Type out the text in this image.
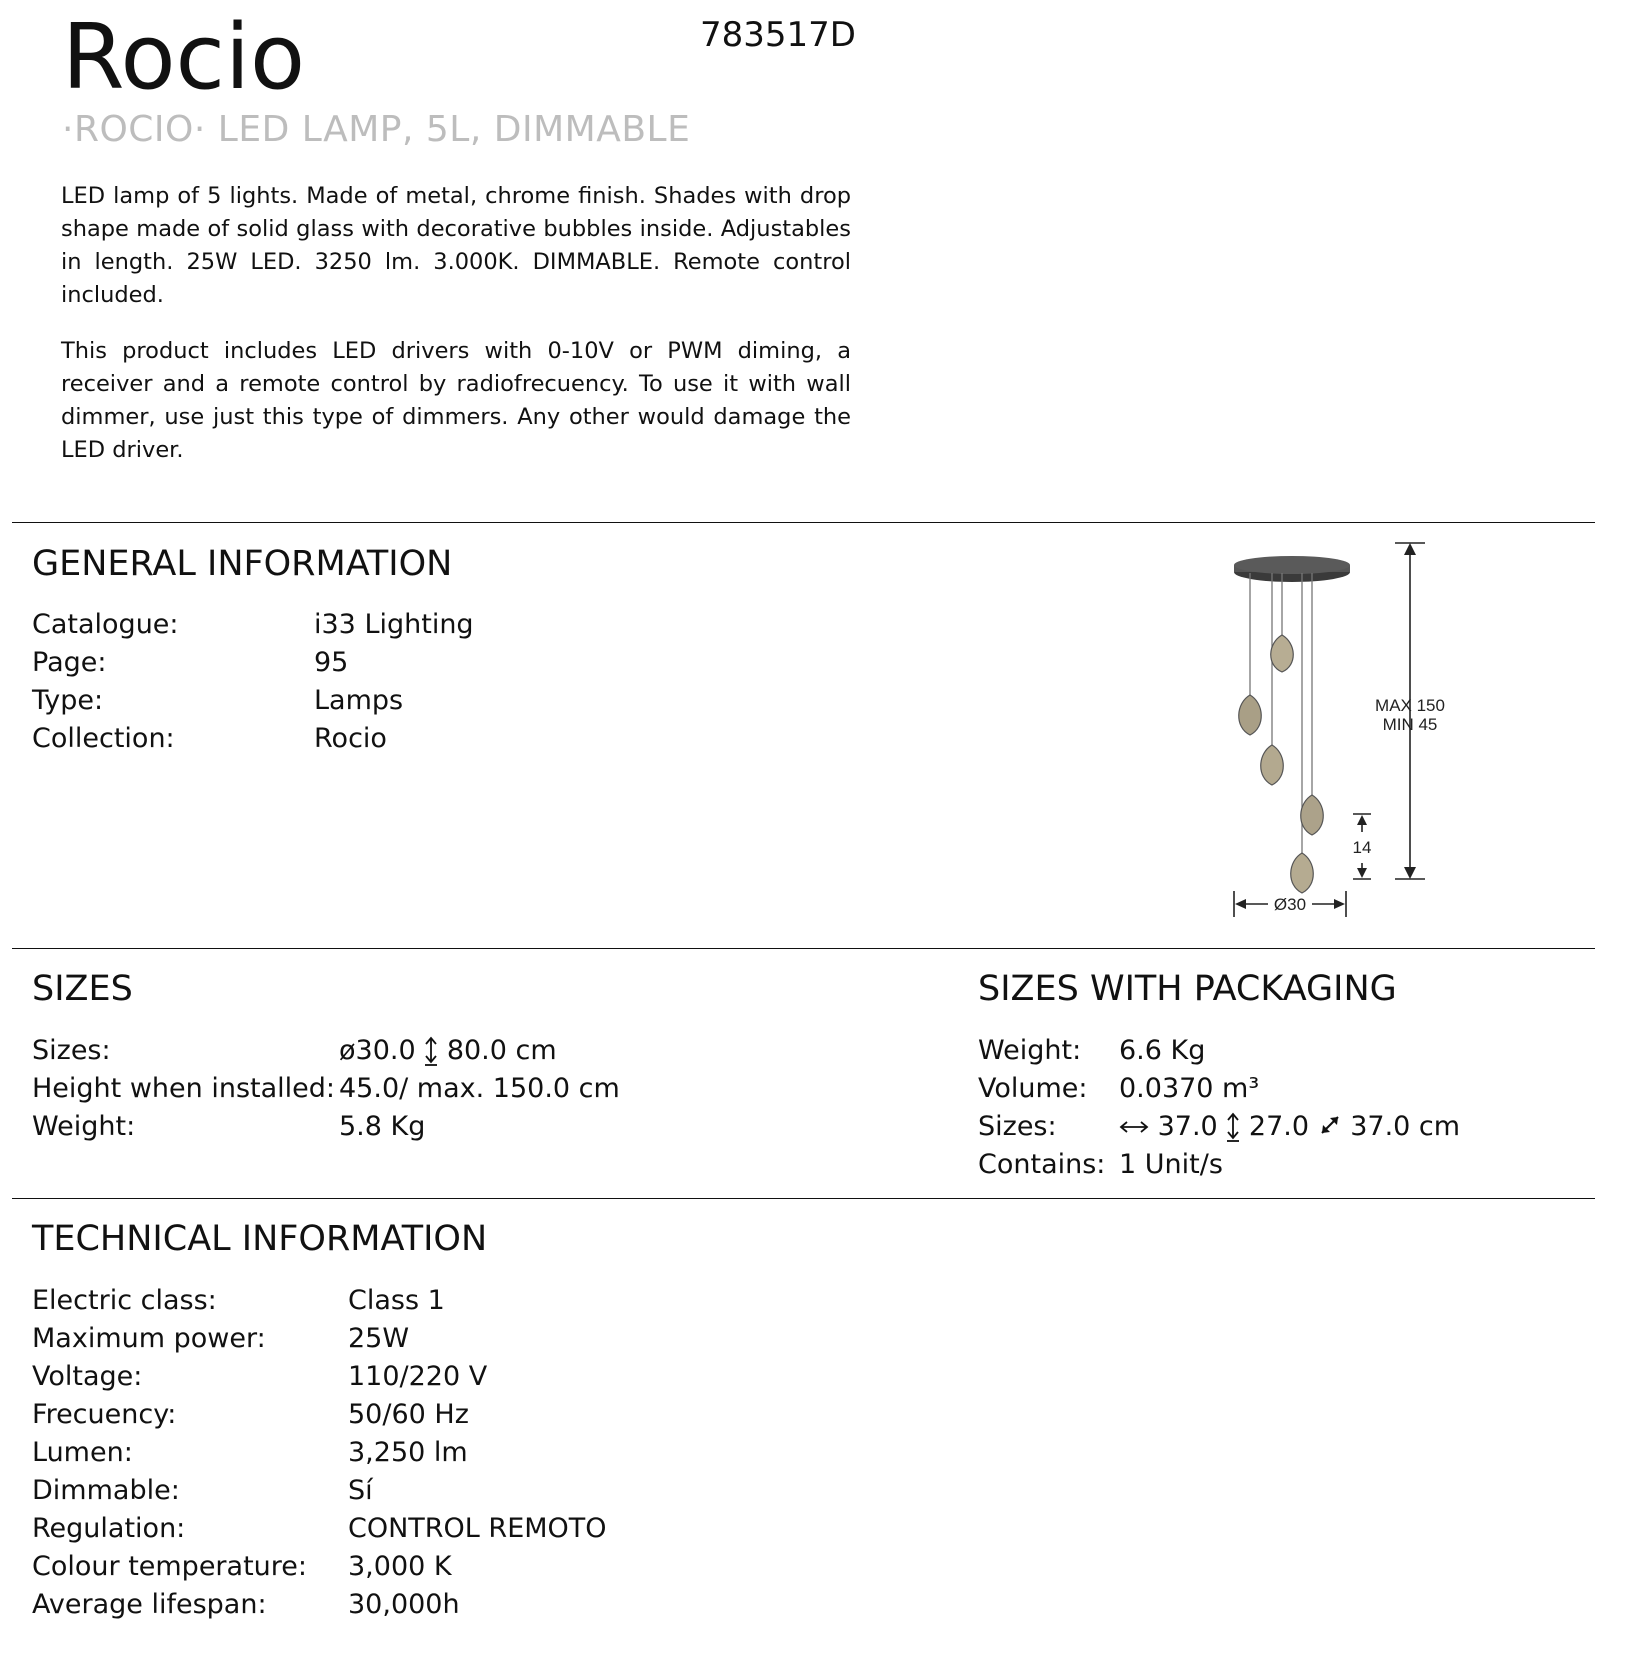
Rocio	783517D
·ROCIO· LED LAMP, 5L, DIMMABLE
LED lamp of 5 lights. Made of metal, chrome finish. Shades with drop shape made of solid glass with decorative bubbles inside. Adjustables in length. 25W LED. 3250 lm. 3.000K. DIMMABLE. Remote control included.
This product includes LED drivers with 0-10V or PWM diming, a receiver and a remote control by radiofrecuency. To use it with wall dimmer, use just this type of dimmers. Any other would damage the LED driver.
GENERAL INFORMATION
Catalogue:	i33 Lighting
Page:	95
Type:	Lamps
Collection:	Rocio
MAX 150
MIN 45
14
Ø30
SIZES
Sizes:	ø30.0 80.0 cm
Height when installed: 45.0/ max. 150.0 cm
Weight:	5.8 Kg
SIZES WITH PACKAGING
Weight: 6.6 Kg
Volume: 0.0370 m³
Sizes:	37.0 27.0 37.0 cm
Contains: 1 Unit/s
TECHNICAL INFORMATION
Electric class:	Class 1
Maximum power:	25W
Voltage:	110/220 V
Frecuency:	50/60 Hz
Lumen:	3,250 lm
Dimmable:	Sí
Regulation:	CONTROL REMOTO
Colour temperature: 3,000 K
Average lifespan:	30,000h
